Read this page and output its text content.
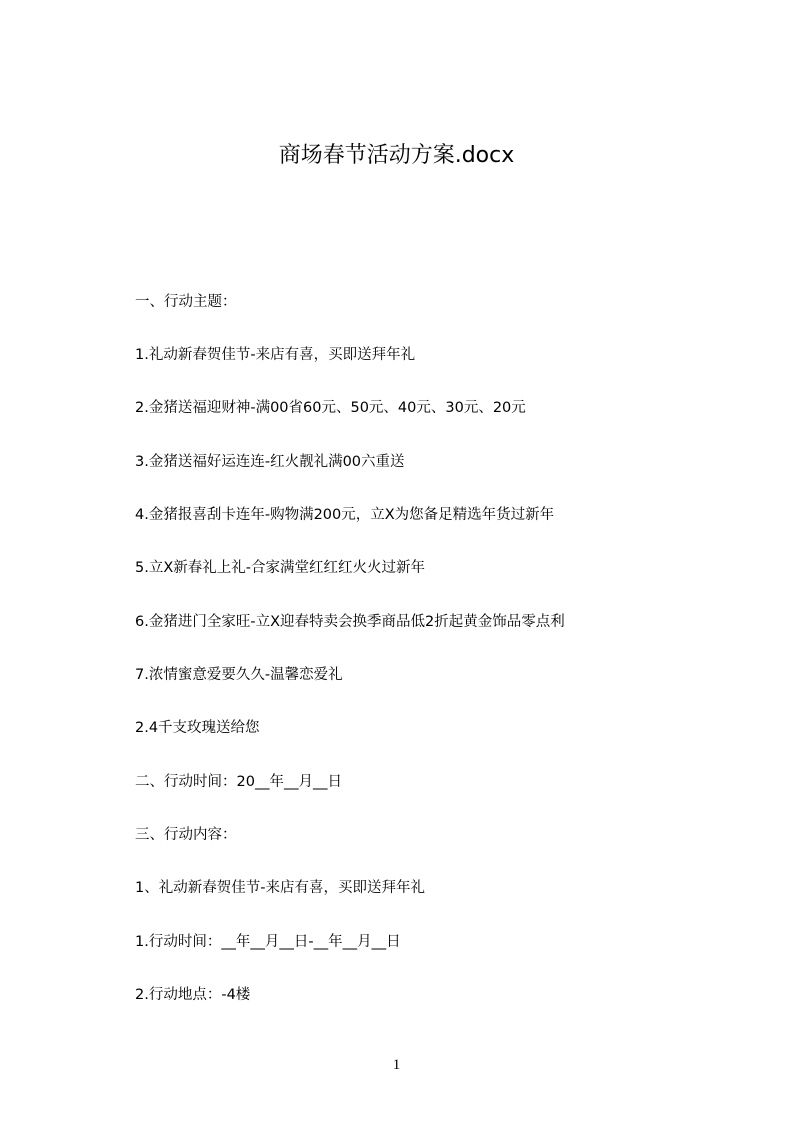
商场春节活动方案.docx
一、行动主题：
1.礼动新春贺佳节-来店有喜，买即送拜年礼
2.金猪送福迎财神-满00省60元、50元、40元、30元、20元
3.金猪送福好运连连-红火靓礼满00六重送
4.金猪报喜刮卡连年-购物满200元，立X为您备足精选年货过新年
5.立X新春礼上礼-合家满堂红红红火火过新年
6.金猪进门全家旺-立X迎春特卖会换季商品低2折起黄金饰品零点利
7.浓情蜜意爱要久久-温馨恋爱礼
2.4千支玫瑰送给您
二、行动时间：20__年__月__日
三、行动内容：
1、礼动新春贺佳节-来店有喜，买即送拜年礼
1.行动时间：__年__月__日-__年__月__日
2.行动地点：-4楼
1
